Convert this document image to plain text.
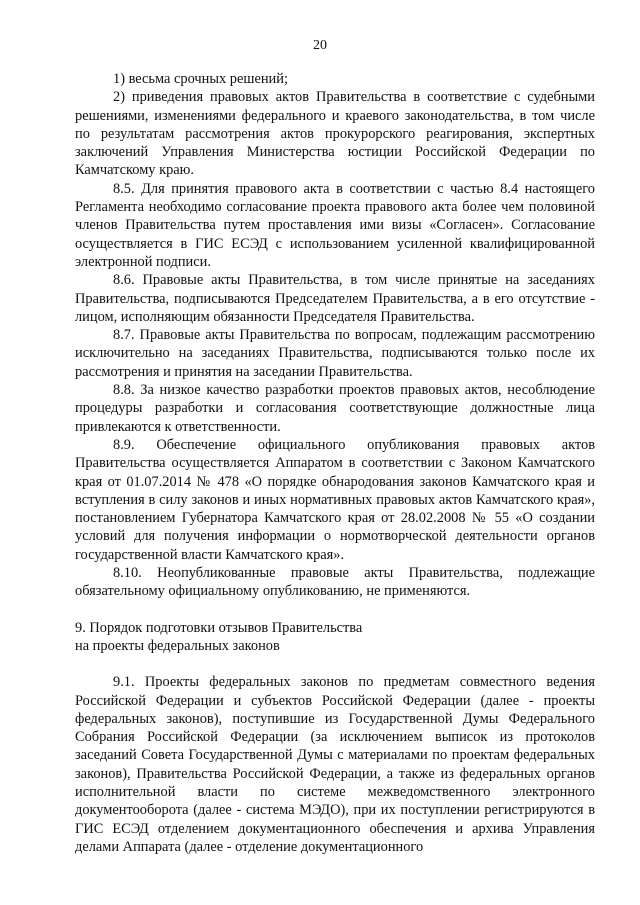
20

1) весьма срочных решений;

2) приведения правовых актов Правительства в соответствие с судебными решениями, изменениями федерального и краевого законодательства, в том числе по результатам рассмотрения актов прокурорского реагирования, экспертных заключений Управления Министерства юстиции Российской Федерации по Камчатскому краю.

8.5. Для принятия правового акта в соответствии с частью 8.4 настоящего Регламента необходимо согласование проекта правового акта более чем половиной членов Правительства путем проставления ими визы «Согласен». Согласование осуществляется в ГИС ЕСЭД с использованием усиленной квалифицированной электронной подписи.

8.6. Правовые акты Правительства, в том числе принятые на заседаниях Правительства, подписываются Председателем Правительства, а в его отсутствие - лицом, исполняющим обязанности Председателя Правительства.

8.7. Правовые акты Правительства по вопросам, подлежащим рассмотрению исключительно на заседаниях Правительства, подписываются только после их рассмотрения и принятия на заседании Правительства.

8.8. За низкое качество разработки проектов правовых актов, несоблюдение процедуры разработки и согласования соответствующие должностные лица привлекаются к ответственности.

8.9. Обеспечение официального опубликования правовых актов Правительства осуществляется Аппаратом в соответствии с Законом Камчатского края от 01.07.2014 № 478 «О порядке обнародования законов Камчатского края и вступления в силу законов и иных нормативных правовых актов Камчатского края», постановлением Губернатора Камчатского края от 28.02.2008 № 55 «О создании условий для получения информации о нормотворческой деятельности органов государственной власти Камчатского края».

8.10. Неопубликованные правовые акты Правительства, подлежащие обязательному официальному опубликованию, не применяются.

9. Порядок подготовки отзывов Правительства
на проекты федеральных законов

9.1. Проекты федеральных законов по предметам совместного ведения Российской Федерации и субъектов Российской Федерации (далее - проекты федеральных законов), поступившие из Государственной Думы Федерального Собрания Российской Федерации (за исключением выписок из протоколов заседаний Совета Государственной Думы с материалами по проектам федеральных законов), Правительства Российской Федерации, а также из федеральных органов исполнительной власти по системе межведомственного электронного документооборота (далее - система МЭДО), при их поступлении регистрируются в ГИС ЕСЭД отделением документационного обеспечения и архива Управления делами Аппарата (далее - отделение документационного
